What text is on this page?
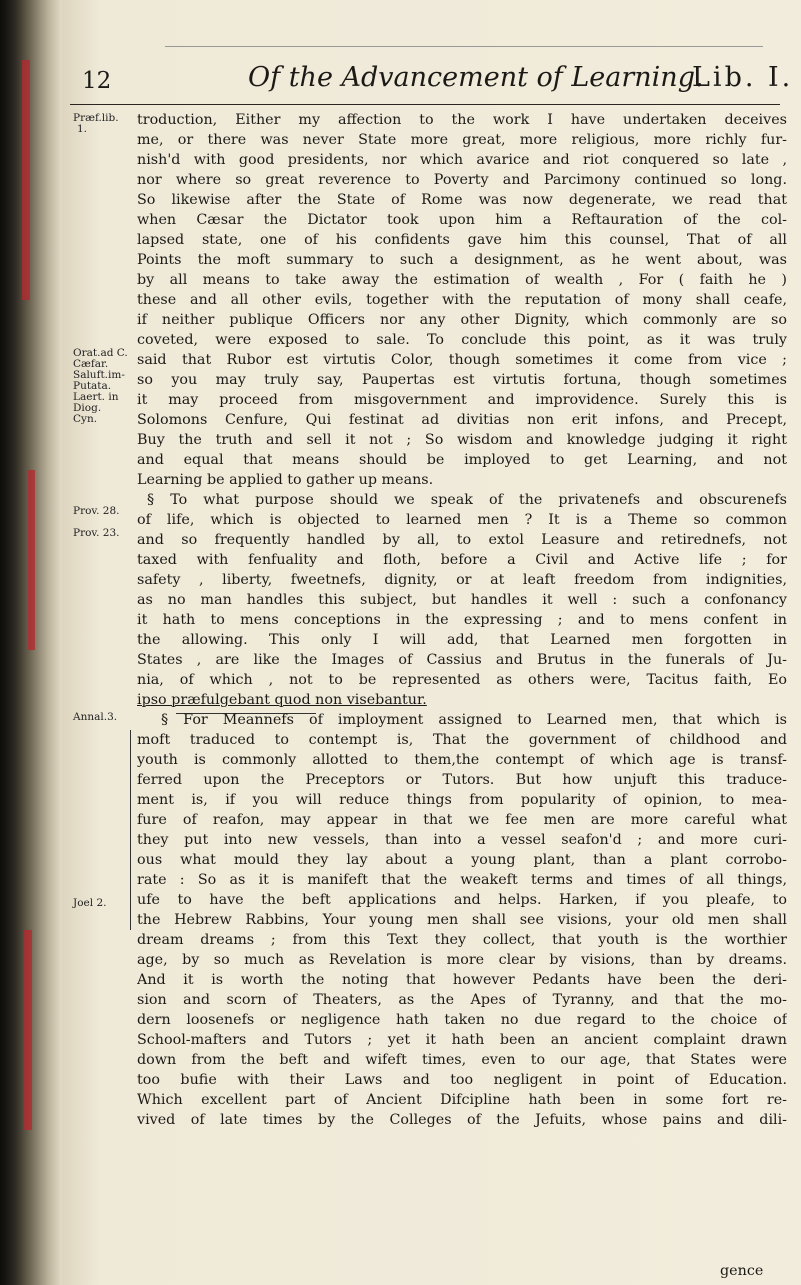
12	Of the Advancement of Learning.
Lib. I.
Præf.lib.
1.
Orat.ad C.
Cæfar.
Saluft.im-
Putata.
Laert. in
Diog.
Cyn.
Prov. 28.
Prov. 23.
Annal.3.
Joel 2.
troduction, Either my affection to the work I have undertaken deceives
me, or there was never State more great, more religious, more richly fur-
nish'd with good presidents, nor which avarice and riot conquered so late ,
nor where so great reverence to Poverty and Parcimony continued so long.
So likewise after the State of Rome was now degenerate, we read that
when Cæsar the Dictator took upon him a Reftauration of the col-
lapsed state, one of his confidents gave him this counsel, That of all
Points the moft summary to such a designment, as he went about, was
by all means to take away the estimation of wealth , For ( faith he )
these and all other evils, together with the reputation of mony shall ceafe,
if neither publique Officers nor any other Dignity, which commonly are so
coveted, were exposed to sale. To conclude this point, as it was truly
said that Rubor est virtutis Color, though sometimes it come from vice ;
so you may truly say, Paupertas est virtutis fortuna, though sometimes
it may proceed from misgovernment and improvidence. Surely this is
Solomons Cenfure, Qui festinat ad divitias non erit infons, and Precept,
Buy the truth and sell it not ; So wisdom and knowledge judging it right
and equal that means should be imployed to get Learning, and not
Learning be applied to gather up means.
§ To what purpose should we speak of the privatenefs and obscurenefs
of life, which is objected to learned men ? It is a Theme so common
and so frequently handled by all, to extol Leasure and retirednefs, not
taxed with fenfuality and floth, before a Civil and Active life ; for
safety , liberty, fweetnefs, dignity, or at leaft freedom from indignities,
as no man handles this subject, but handles it well : such a confonancy
it hath to mens conceptions in the expressing ; and to mens confent in
the allowing. This only I will add, that Learned men forgotten in
States , are like the Images of Cassius and Brutus in the funerals of Ju-
nia, of which , not to be represented as others were, Tacitus faith, Eo
ipso præfulgebant quod non visebantur.
§ For Meannefs of imployment assigned to Learned men, that which is
moft traduced to contempt is, That the government of childhood and
youth is commonly allotted to them,the contempt of which age is transf-
ferred upon the Preceptors or Tutors. But how unjuft this traduce-
ment is, if you will reduce things from popularity of opinion, to mea-
fure of reafon, may appear in that we fee men are more careful what
they put into new vessels, than into a vessel seafon'd ; and more curi-
ous what mould they lay about a young plant, than a plant corrobo-
rate : So as it is manifeft that the weakeft terms and times of all things,
ufe to have the beft applications and helps. Harken, if you pleafe, to
the Hebrew Rabbins, Your young men shall see visions, your old men shall
dream dreams ; from this Text they collect, that youth is the worthier
age, by so much as Revelation is more clear by visions, than by dreams.
And it is worth the noting that however Pedants have been the deri-
sion and scorn of Theaters, as the Apes of Tyranny, and that the mo-
dern loosenefs or negligence hath taken no due regard to the choice of
School-mafters and Tutors ; yet it hath been an ancient complaint drawn
down from the beft and wifeft times, even to our age, that States were
too bufie with their Laws and too negligent in point of Education.
Which excellent part of Ancient Difcipline hath been in some fort re-
vived of late times by the Colleges of the Jefuits, whose pains and dili-
gence
